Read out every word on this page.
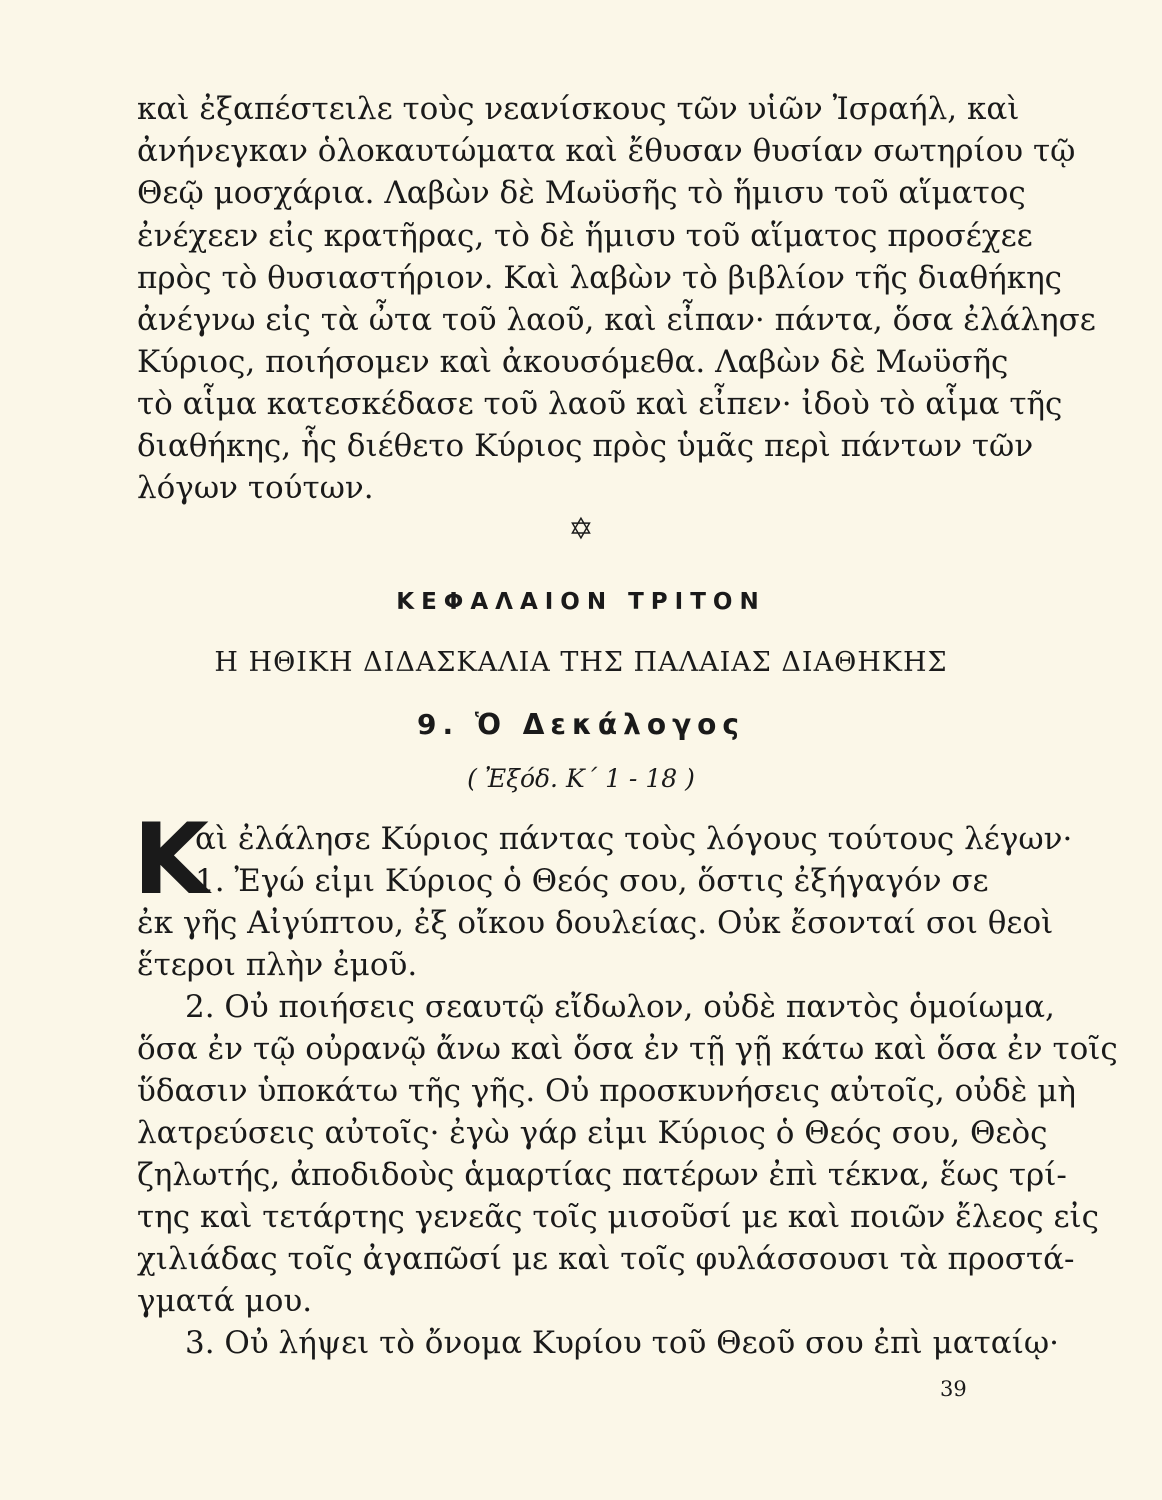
καὶ ἐξαπέστειλε τοὺς νεανίσκους τῶν υἱῶν Ἰσραήλ, καὶ
ἀνήνεγκαν ὁλοκαυτώματα καὶ ἔθυσαν θυσίαν σωτηρίου τῷ
Θεῷ μοσχάρια. Λαβὼν δὲ Μωϋσῆς τὸ ἥμισυ τοῦ αἵματος
ἐνέχεεν εἰς κρατῆρας, τὸ δὲ ἥμισυ τοῦ αἵματος προσέχεε
πρὸς τὸ θυσιαστήριον. Καὶ λαβὼν τὸ βιβλίον τῆς διαθήκης
ἀνέγνω εἰς τὰ ὦτα τοῦ λαοῦ, καὶ εἶπαν· πάντα, ὅσα ἐλάλησε
Κύριος, ποιήσομεν καὶ ἀκουσόμεθα. Λαβὼν δὲ Μωϋσῆς
τὸ αἷμα κατεσκέδασε τοῦ λαοῦ καὶ εἶπεν· ἰδοὺ τὸ αἷμα τῆς
διαθήκης, ἧς διέθετο Κύριος πρὸς ὑμᾶς περὶ πάντων τῶν
λόγων τούτων.
✡
ΚΕΦΑΛΑΙΟΝ ΤΡΙΤΟΝ
Η ΗΘΙΚΗ ΔΙΔΑΣΚΑΛΙΑ ΤΗΣ ΠΑΛΑΙΑΣ ΔΙΑΘΗΚΗΣ
9. Ὁ Δεκάλογος
( Ἐξόδ. Κ΄ 1 - 18 )
Κ
αὶ ἐλάλησε Κύριος πάντας τοὺς λόγους τούτους λέγων·
1. Ἐγώ εἰμι Κύριος ὁ Θεός σου, ὅστις ἐξήγαγόν σε
ἐκ γῆς Αἰγύπτου, ἐξ οἴκου δουλείας. Οὐκ ἔσονταί σοι θεοὶ
ἕτεροι πλὴν ἐμοῦ.
2. Οὐ ποιήσεις σεαυτῷ εἴδωλον, οὐδὲ παντὸς ὁμοίωμα,
ὅσα ἐν τῷ οὐρανῷ ἄνω καὶ ὅσα ἐν τῇ γῇ κάτω καὶ ὅσα ἐν τοῖς
ὕδασιν ὑποκάτω τῆς γῆς. Οὐ προσκυνήσεις αὐτοῖς, οὐδὲ μὴ
λατρεύσεις αὐτοῖς· ἐγὼ γάρ εἰμι Κύριος ὁ Θεός σου, Θεὸς
ζηλωτής, ἀποδιδοὺς ἁμαρτίας πατέρων ἐπὶ τέκνα, ἕως τρί-
της καὶ τετάρτης γενεᾶς τοῖς μισοῦσί με καὶ ποιῶν ἔλεος εἰς
χιλιάδας τοῖς ἀγαπῶσί με καὶ τοῖς φυλάσσουσι τὰ προστά-
γματά μου.
3. Οὐ λήψει τὸ ὄνομα Κυρίου τοῦ Θεοῦ σου ἐπὶ ματαίῳ·
39
